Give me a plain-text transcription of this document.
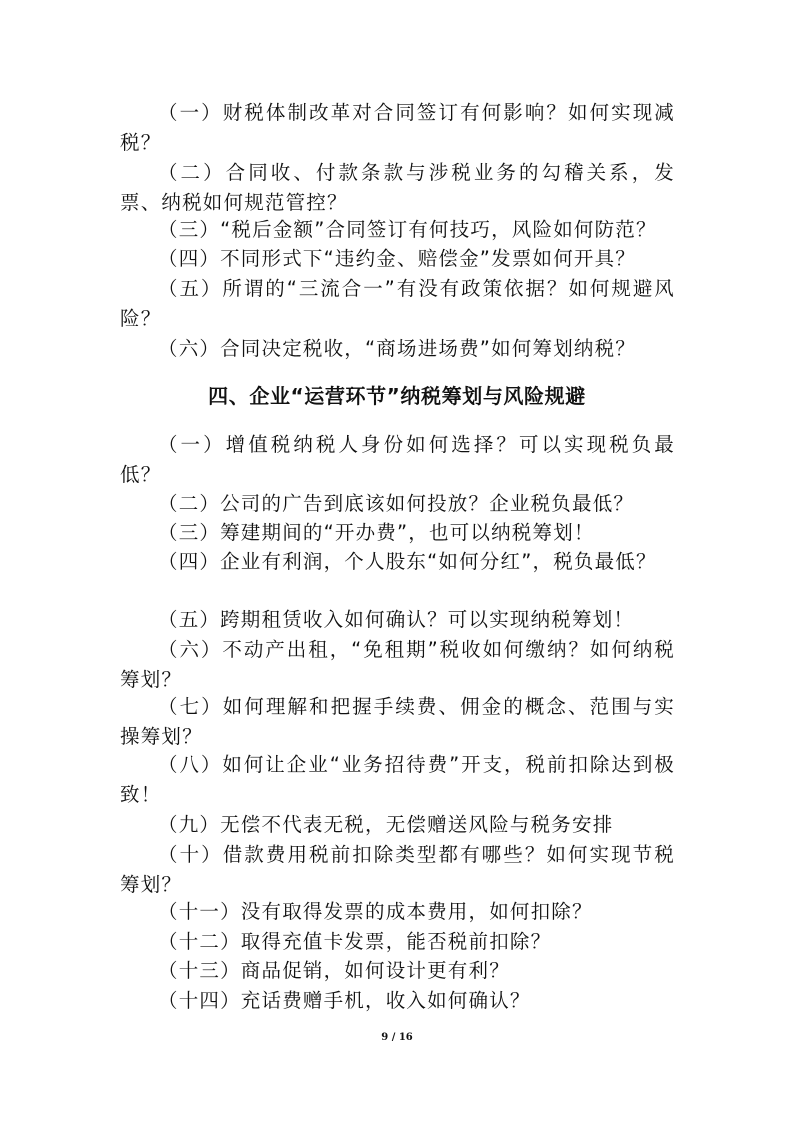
（一）财税体制改革对合同签订有何影响？如何实现减税？

（二）合同收、付款条款与涉税业务的勾稽关系，发票、纳税如何规范管控？

（三）“税后金额”合同签订有何技巧，风险如何防范？

（四）不同形式下“违约金、赔偿金”发票如何开具？

（五）所谓的“三流合一”有没有政策依据？如何规避风险？

（六）合同决定税收，“商场进场费”如何筹划纳税？

四、企业“运营环节”纳税筹划与风险规避

（一）增值税纳税人身份如何选择？可以实现税负最低？

（二）公司的广告到底该如何投放？企业税负最低？

（三）筹建期间的“开办费”，也可以纳税筹划！

（四）企业有利润，个人股东“如何分红”，税负最低？

（五）跨期租赁收入如何确认？可以实现纳税筹划！

（六）不动产出租，“免租期”税收如何缴纳？如何纳税筹划？

（七）如何理解和把握手续费、佣金的概念、范围与实操筹划？

（八）如何让企业“业务招待费”开支，税前扣除达到极致！

（九）无偿不代表无税，无偿赠送风险与税务安排

（十）借款费用税前扣除类型都有哪些？如何实现节税筹划？

（十一）没有取得发票的成本费用，如何扣除？

（十二）取得充值卡发票，能否税前扣除？

（十三）商品促销，如何设计更有利？

（十四）充话费赠手机，收入如何确认？

9 / 16
